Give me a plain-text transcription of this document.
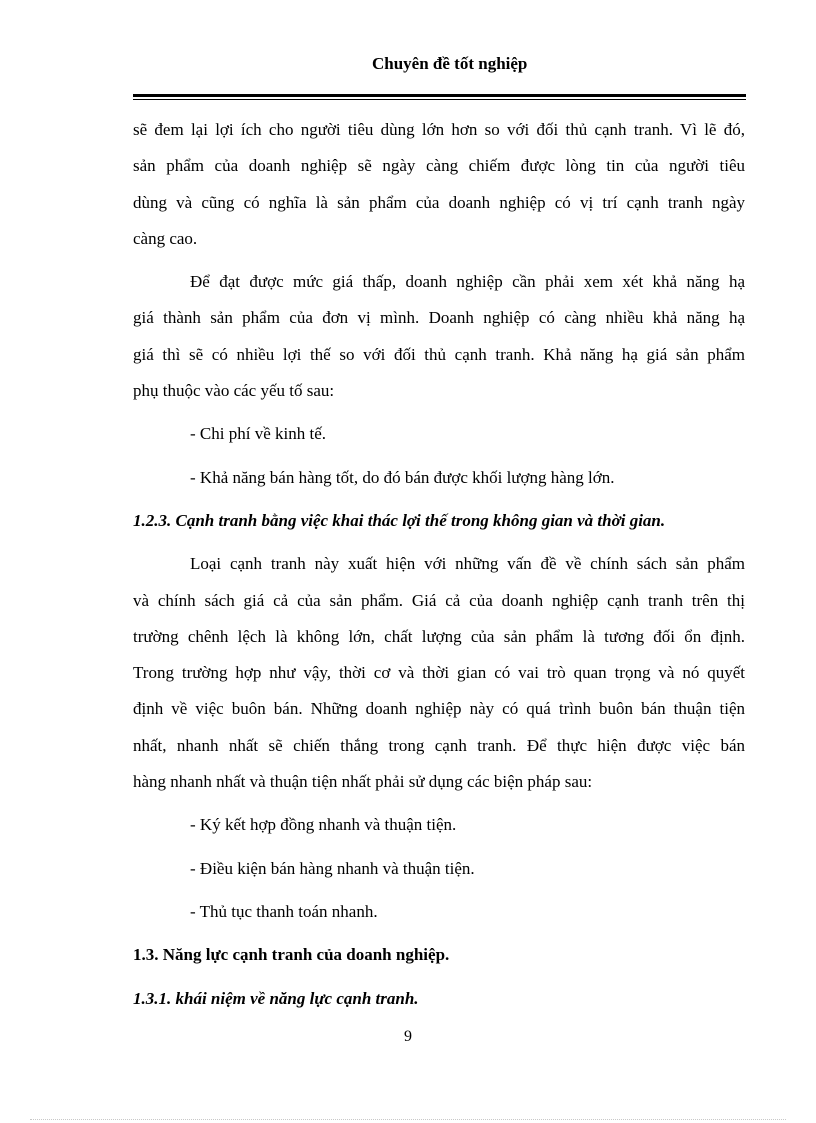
Chuyên đề tốt nghiệp
sẽ đem lại lợi ích cho người tiêu dùng lớn hơn so với đối thủ cạnh tranh. Vì lẽ đó,
sản phẩm của doanh nghiệp sẽ ngày càng chiếm được lòng tin của người tiêu
dùng và cũng có nghĩa là sản phẩm của doanh nghiệp có vị trí cạnh tranh ngày
càng cao.
Để đạt được mức giá thấp, doanh nghiệp cần phải xem xét khả năng hạ
giá thành sản phẩm của đơn vị mình. Doanh nghiệp có càng nhiều khả năng hạ
giá thì sẽ có nhiều lợi thế so với đối thủ cạnh tranh. Khả năng hạ giá sản phẩm
phụ thuộc vào các yếu tố sau:

- Chi phí về kinh tế.

- Khả năng bán hàng tốt, do đó bán được khối lượng hàng lớn.

1.2.3. Cạnh tranh bằng việc khai thác lợi thế trong không gian và thời gian.

Loại cạnh tranh này xuất hiện với những vấn đề về chính sách sản phẩm
và chính sách giá cả của sản phẩm. Giá cả của doanh nghiệp cạnh tranh trên thị
trường chênh lệch là không lớn, chất lượng của sản phẩm là tương đối ổn định.
Trong trường hợp như vậy, thời cơ và thời gian có vai trò quan trọng và nó quyết
định về việc buôn bán. Những doanh nghiệp này có quá trình buôn bán thuận tiện
nhất, nhanh nhất sẽ chiến thắng trong cạnh tranh. Để thực hiện được việc bán
hàng nhanh nhất và thuận tiện nhất phải sử dụng các biện pháp sau:

- Ký kết hợp đồng nhanh và thuận tiện.

- Điều kiện bán hàng nhanh và thuận tiện.

- Thủ tục thanh toán nhanh.

1.3. Năng lực cạnh tranh của doanh nghiệp.

1.3.1. khái niệm về năng lực cạnh tranh.

9
